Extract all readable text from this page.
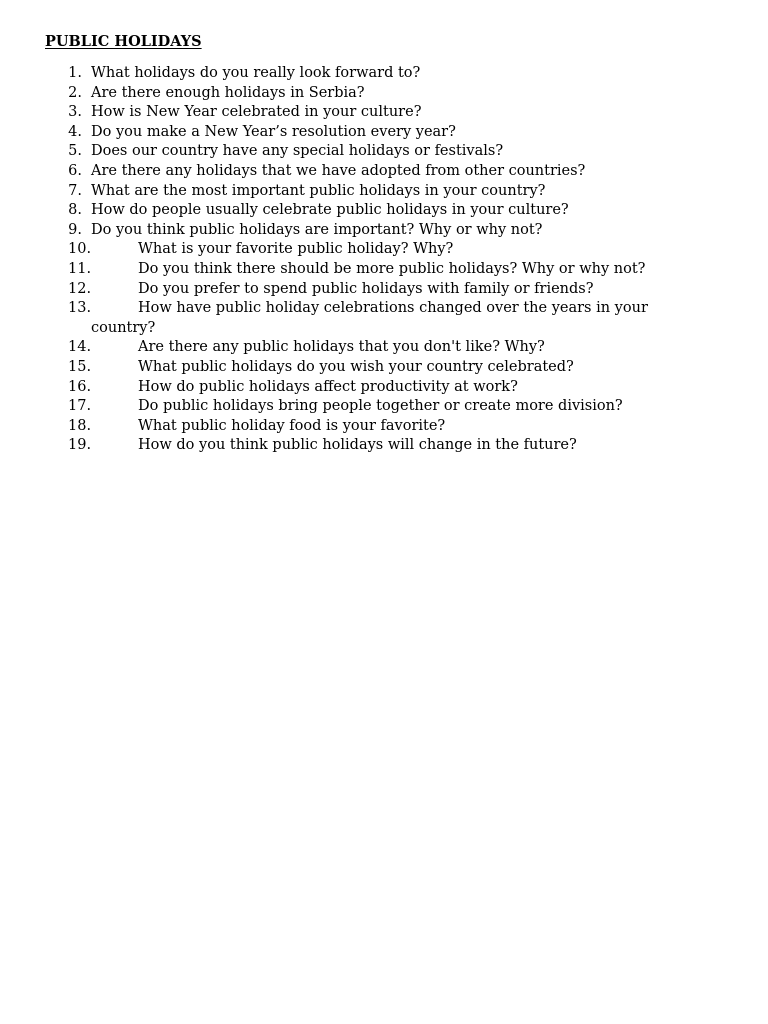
PUBLIC HOLIDAYS
1. What holidays do you really look forward to?
2. Are there enough holidays in Serbia?
3. How is New Year celebrated in your culture?
4. Do you make a New Year’s resolution every year?
5. Does our country have any special holidays or festivals?
6. Are there any holidays that we have adopted from other countries?
7. What are the most important public holidays in your country?
8. How do people usually celebrate public holidays in your culture?
9. Do you think public holidays are important? Why or why not?
10.	What is your favorite public holiday? Why?
11.	Do you think there should be more public holidays? Why or why not?
12.	Do you prefer to spend public holidays with family or friends?
13.	How have public holiday celebrations changed over the years in your country?
14.	Are there any public holidays that you don't like? Why?
15.	What public holidays do you wish your country celebrated?
16.	How do public holidays affect productivity at work?
17.	Do public holidays bring people together or create more division?
18.	What public holiday food is your favorite?
19.	How do you think public holidays will change in the future?
